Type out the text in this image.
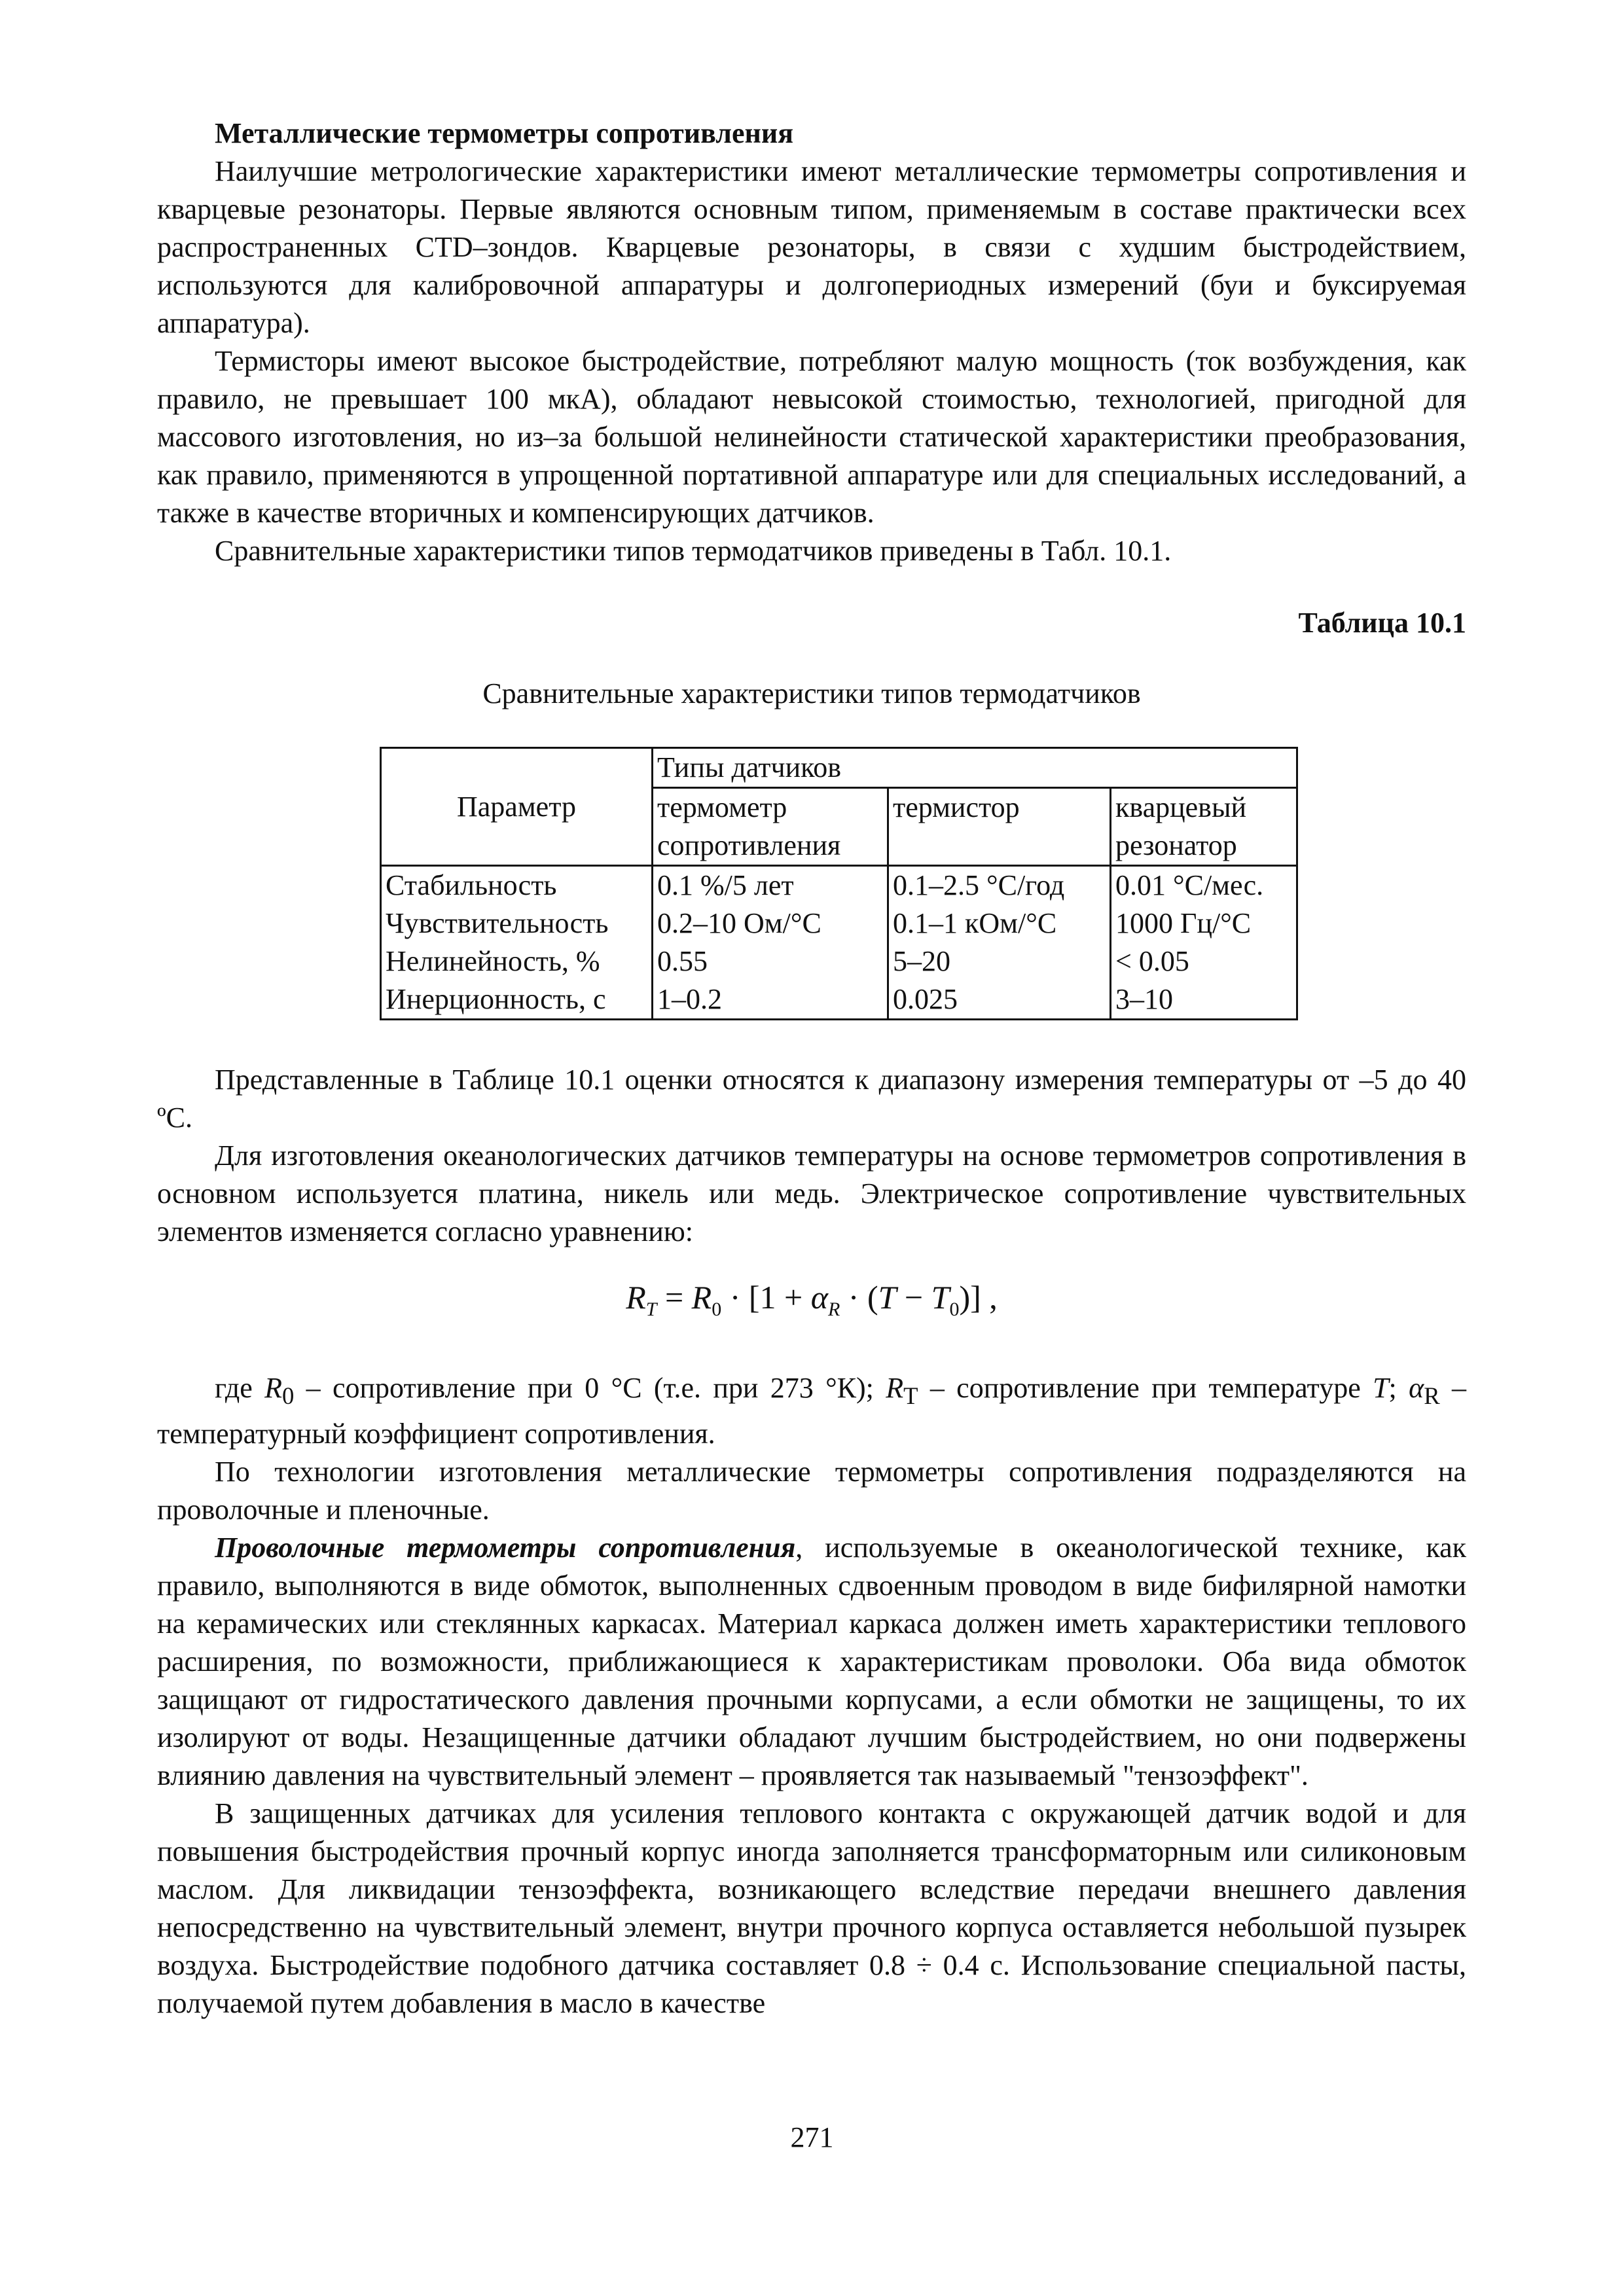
Металлические термометры сопротивления

Наилучшие метрологические характеристики имеют металлические термометры сопротивления и кварцевые резонаторы. Первые являются основным типом, применяемым в составе практически всех распространенных CTD–зондов. Кварцевые резонаторы, в связи с худшим быстродействием, используются для калибровочной аппаратуры и долгопериодных измерений (буи и буксируемая аппаратура).

Термисторы имеют высокое быстродействие, потребляют малую мощность (ток возбуждения, как правило, не превышает 100 мкА), обладают невысокой стоимостью, технологией, пригодной для массового изготовления, но из–за большой нелинейности статической характеристики преобразования, как правило, применяются в упрощенной портативной аппаратуре или для специальных исследований, а также в качестве вторичных и компенсирующих датчиков.

Сравнительные характеристики типов термодатчиков приведены в Табл. 10.1.

Таблица 10.1
Сравнительные характеристики типов термодатчиков
Параметр	Типы датчиков		
	термометр	термистор	кварцевый
	сопротивления		резонатор
Стабильность	0.1 %/5 лет	0.1–2.5 °С/год	0.01 °С/мес.
Чувствительность	0.2–10 Ом/°С	0.1–1 кОм/°С	1000 Гц/°С
Нелинейность, %	0.55	5–20	< 0.05
Инерционность, с	1–0.2	0.025	3–10

Представленные в Таблице 10.1 оценки относятся к диапазону измерения температуры от –5 до 40 ºС.

Для изготовления океанологических датчиков температуры на основе термометров сопротивления в основном используется платина, никель или медь. Электрическое сопротивление чувствительных элементов изменяется согласно уравнению:

$R_T = R_0 \cdot [1 + \alpha_R \cdot (T - T_0)]$ ,

где $R_0$ – сопротивление при 0 °С (т.е. при 273 °К); $R_T$ – сопротивление при температуре T; $\alpha_R$ – температурный коэффициент сопротивления.

По технологии изготовления металлические термометры сопротивления подразделяются на проволочные и пленочные.

Проволочные термометры сопротивления, используемые в океанологической технике, как правило, выполняются в виде обмоток, выполненных сдвоенным проводом в виде бифилярной намотки на керамических или стеклянных каркасах. Материал каркаса должен иметь характеристики теплового расширения, по возможности, приближающиеся к характеристикам проволоки. Оба вида обмоток защищают от гидростатического давления прочными корпусами, а если обмотки не защищены, то их изолируют от воды. Незащищенные датчики обладают лучшим быстродействием, но они подвержены влиянию давления на чувствительный элемент – проявляется так называемый "тензоэффект".

В защищенных датчиках для усиления теплового контакта с окружающей датчик водой и для повышения быстродействия прочный корпус иногда заполняется трансформаторным или силиконовым маслом. Для ликвидации тензоэффекта, возникающего вследствие передачи внешнего давления непосредственно на чувствительный элемент, внутри прочного корпуса оставляется небольшой пузырек воздуха. Быстродействие подобного датчика составляет 0.8 ÷ 0.4 с. Использование специальной пасты, получаемой путем добавления в масло в качестве

271
